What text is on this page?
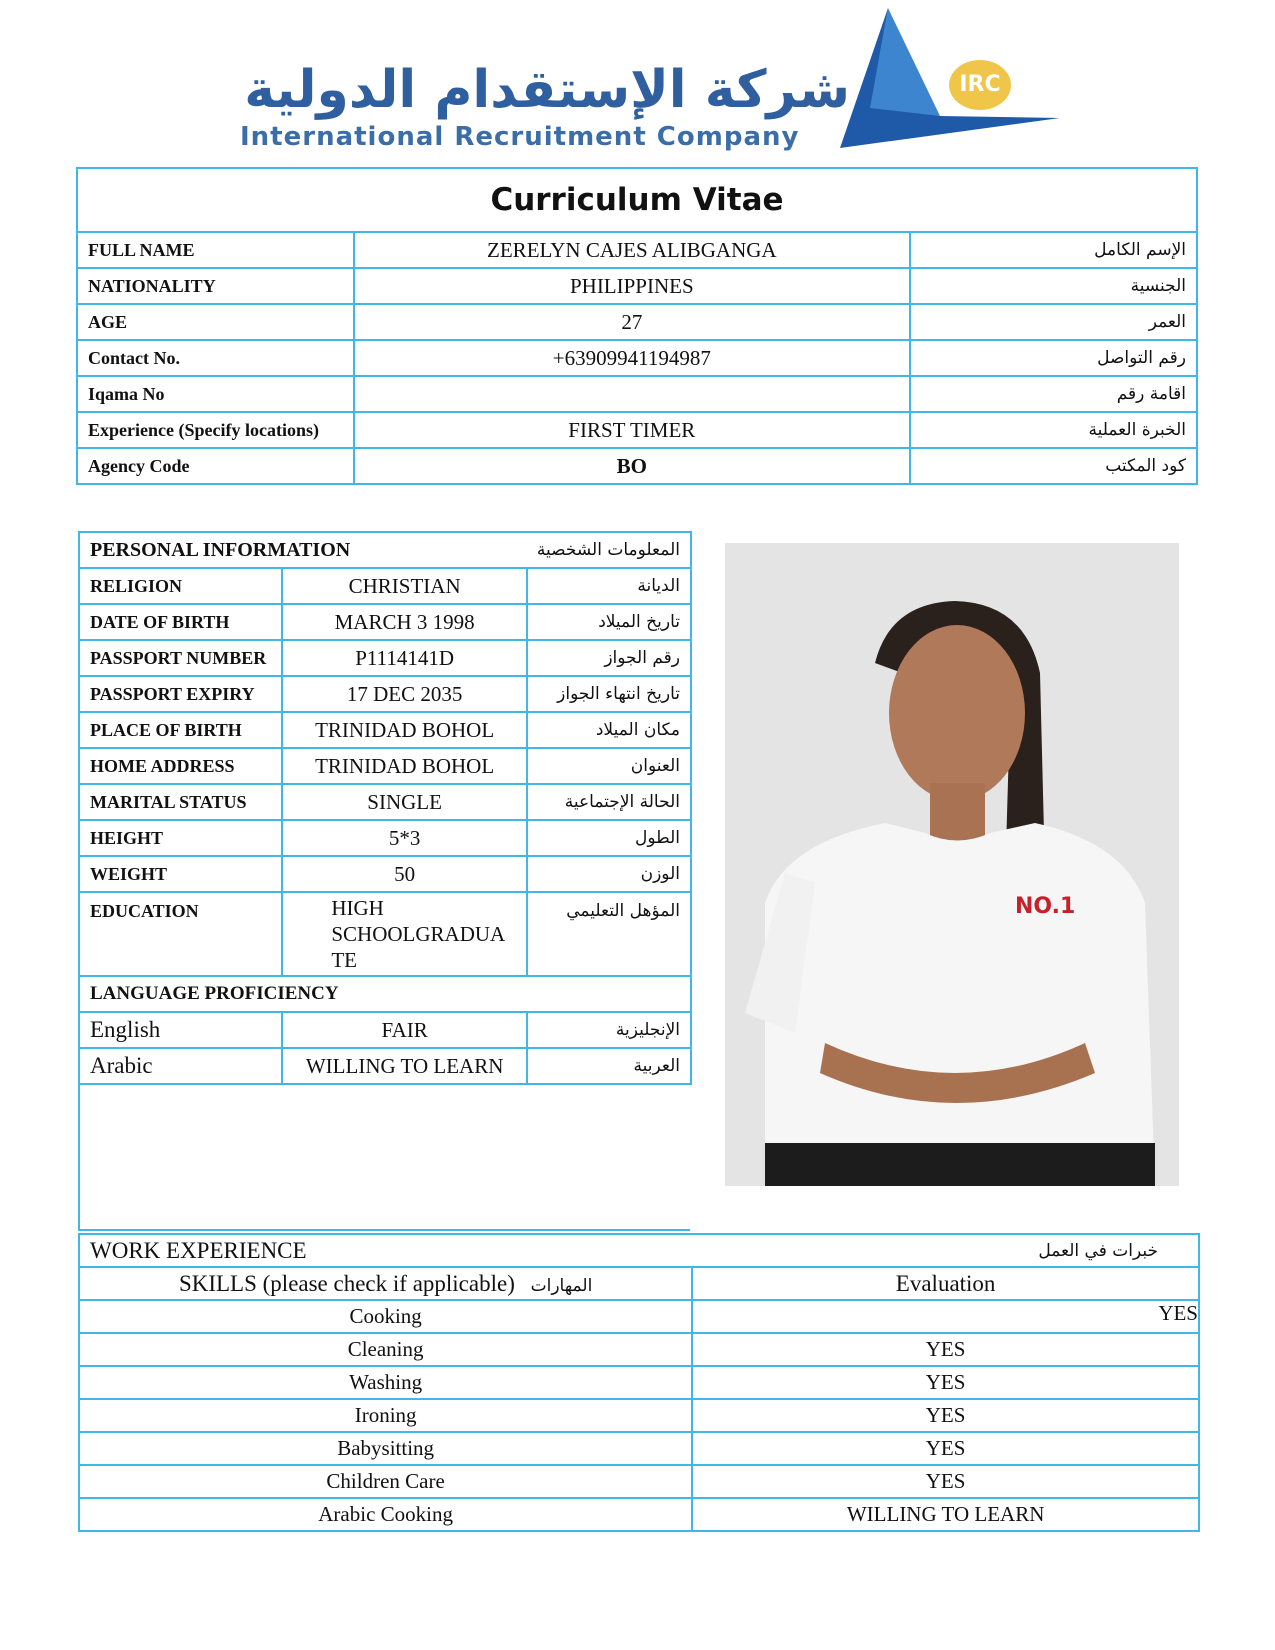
شركة الإستقدام الدولية
International Recruitment Company
IRC
Curriculum Vitae		
FULL NAME	ZERELYN CAJES ALIBGANGA	الإسم الكامل
NATIONALITY	PHILIPPINES	الجنسية
AGE	27	العمر
Contact No.	+63909941194987	رقم التواصل
Iqama No		اقامة رقم
Experience (Specify locations)	FIRST TIMER	الخبرة العملية
Agency Code	BO	كود المكتب
PERSONAL INFORMATION		المعلومات الشخصية
RELIGION	CHRISTIAN	الديانة
DATE OF BIRTH	MARCH 3 1998	تاريخ الميلاد
PASSPORT NUMBER	P1114141D	رقم الجواز
PASSPORT EXPIRY	17 DEC 2035	تاريخ انتهاء الجواز
PLACE OF BIRTH	TRINIDAD BOHOL	مكان الميلاد
HOME ADDRESS	TRINIDAD BOHOL	العنوان
MARITAL STATUS	SINGLE	الحالة الإجتماعية
HEIGHT	5*3	الطول
WEIGHT	50	الوزن
EDUCATION	HIGH SCHOOLGRADUA TE	المؤهل التعليمي
LANGUAGE PROFICIENCY		
English	FAIR	الإنجليزية
Arabic	WILLING TO LEARN	العربية
NO.1
WORK EXPERIENCE	خبرات في العمل
SKILLS (please check if applicable) المهارات	Evaluation
Cooking	YES
Cleaning	YES
Washing	YES
Ironing	YES
Babysitting	YES
Children Care	YES
Arabic Cooking	WILLING TO LEARN
